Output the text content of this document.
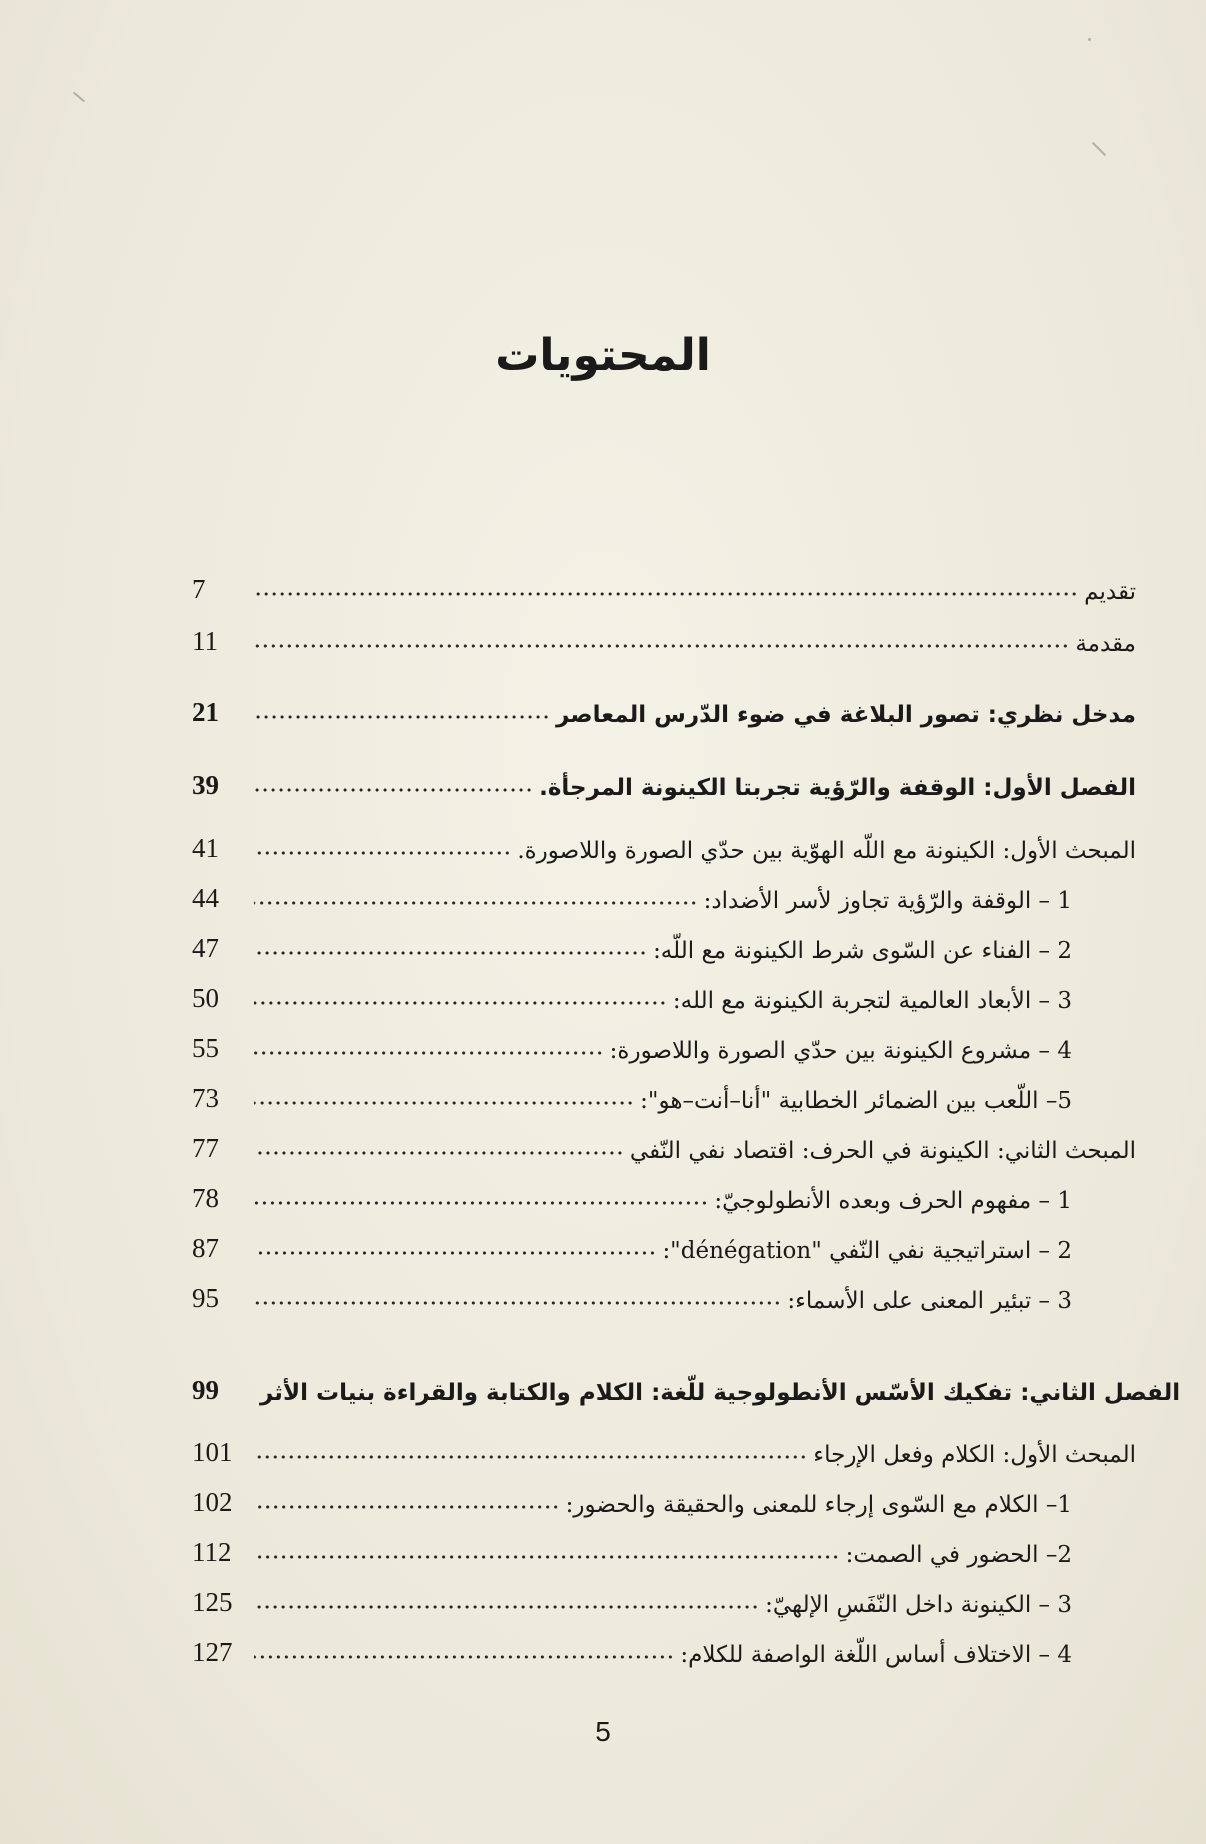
المحتويات
7	تقديم
11	مقدمة
21	مدخل نظري: تصور البلاغة في ضوء الدّرس المعاصر
39	الفصل الأول: الوقفة والرّؤية تجربتا الكينونة المرجأة.
41	المبحث الأول: الكينونة مع اللّه الهوّية بين حدّي الصورة واللاصورة.
44	1 – الوقفة والرّؤية تجاوز لأسر الأضداد:
47	2 – الفناء عن السّوى شرط الكينونة مع اللّه:
50	3 – الأبعاد العالمية لتجربة الكينونة مع الله:
55	4 – مشروع الكينونة بين حدّي الصورة واللاصورة:
73	5– اللّعب بين الضمائر الخطابية "أنا–أنت–هو":
77	المبحث الثاني: الكينونة في الحرف: اقتصاد نفي النّفي
78	1 – مفهوم الحرف وبعده الأنطولوجيّ:
87	2 – استراتيجية نفي النّفي "dénégation":
95	3 – تبئير المعنى على الأسماء:
99	الفصل الثاني: تفكيك الأسّس الأنطولوجية للّغة: الكلام والكتابة والقراءة بنيات الأثر
101	المبحث الأول: الكلام وفعل الإرجاء
102	1– الكلام مع السّوى إرجاء للمعنى والحقيقة والحضور:
112	2– الحضور في الصمت:
125	3 – الكينونة داخل النّفَسِ الإلهيّ:
127	4 – الاختلاف أساس اللّغة الواصفة للكلام:
5
